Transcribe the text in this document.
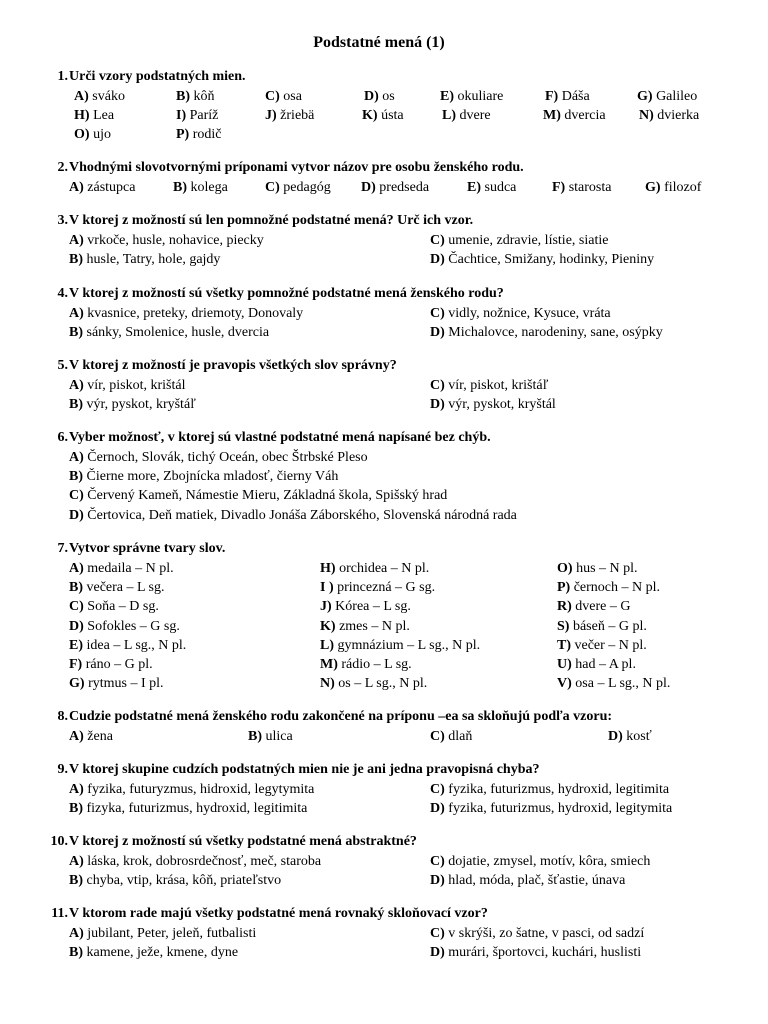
Podstatné mená (1)
1. Urči vzory podstatných mien.
A) sváko	B) kôň	C) osa	D) os	E) okuliare	F) Dáša	G) Galileo
H) Lea	I) Paríž	J) žriebä	K) ústa	L) dvere	M) dvercia N) dvierka
O) ujo	P) rodič
2. Vhodnými slovotvornými príponami vytvor názov pre osobu ženského rodu.
A) zástupca	B) kolega	C) pedagóg D) predseda	E) sudca	F) starosta G) filozof
3. V ktorej z možností sú len pomnožné podstatné mená? Urč ich vzor.
A) vrkoče, husle, nohavice, piecky	C) umenie, zdravie, lístie, siatie
B) husle, Tatry, hole, gajdy	D) Čachtice, Smižany, hodinky, Pieniny
4. V ktorej z možností sú všetky pomnožné podstatné mená ženského rodu?
A) kvasnice, preteky, driemoty, Donovaly	C) vidly, nožnice, Kysuce, vráta
B) sánky, Smolenice, husle, dvercia	D) Michalovce, narodeniny, sane, osýpky
5. V ktorej z možností je pravopis všetkých slov správny?
A) vír, piskot, krištál	C) vír, piskot, krištáľ
B) výr, pyskot, kryštáľ	D) výr, pyskot, kryštál
6. Vyber možnosť, v ktorej sú vlastné podstatné mená napísané bez chýb.
A) Černoch, Slovák, tichý Oceán, obec Štrbské Pleso
B) Čierne more, Zbojnícka mladosť, čierny Váh
C) Červený Kameň, Námestie Mieru, Základná škola, Spišský hrad
D) Čertovica, Deň matiek, Divadlo Jonáša Záborského, Slovenská národná rada
7. Vytvor správne tvary slov.
A) medaila – N pl.	H) orchidea – N pl.	O) hus – N pl.
B) večera – L sg.	I ) princezná – G sg.	P) černoch – N pl.
C) Soňa – D sg.	J) Kórea – L sg.	R) dvere – G
D) Sofokles – G sg.	K) zmes – N pl.	S) báseň – G pl.
E) idea – L sg., N pl.	L) gymnázium – L sg., N pl.	T) večer – N pl.
F) ráno – G pl.	M) rádio – L sg.	U) had – A pl.
G) rytmus – I pl.	N) os – L sg., N pl.	V) osa – L sg., N pl.
8. Cudzie podstatné mená ženského rodu zakončené na príponu –ea sa skloňujú podľa vzoru:
A) žena	B) ulica	C) dlaň	D) kosť
9. V ktorej skupine cudzích podstatných mien nie je ani jedna pravopisná chyba?
A) fyzika, futuryzmus, hidroxid, legytymita	C) fyzika, futurizmus, hydroxid, legitimita
B) fizyka, futurizmus, hydroxid, legitimita	D) fyzika, futurizmus, hydroxid, legitymita
10. V ktorej z možností sú všetky podstatné mená abstraktné?
A) láska, krok, dobrosrdečnosť, meč, staroba	C) dojatie, zmysel, motív, kôra, smiech
B) chyba, vtip, krása, kôň, priateľstvo	D) hlad, móda, plač, šťastie, únava
11. V ktorom rade majú všetky podstatné mená rovnaký skloňovací vzor?
A) jubilant, Peter, jeleň, futbalisti	C) v skrýši, zo šatne, v pasci, od sadzí
B) kamene, ježe, kmene, dyne	D) murári, športovci, kuchári, huslisti
